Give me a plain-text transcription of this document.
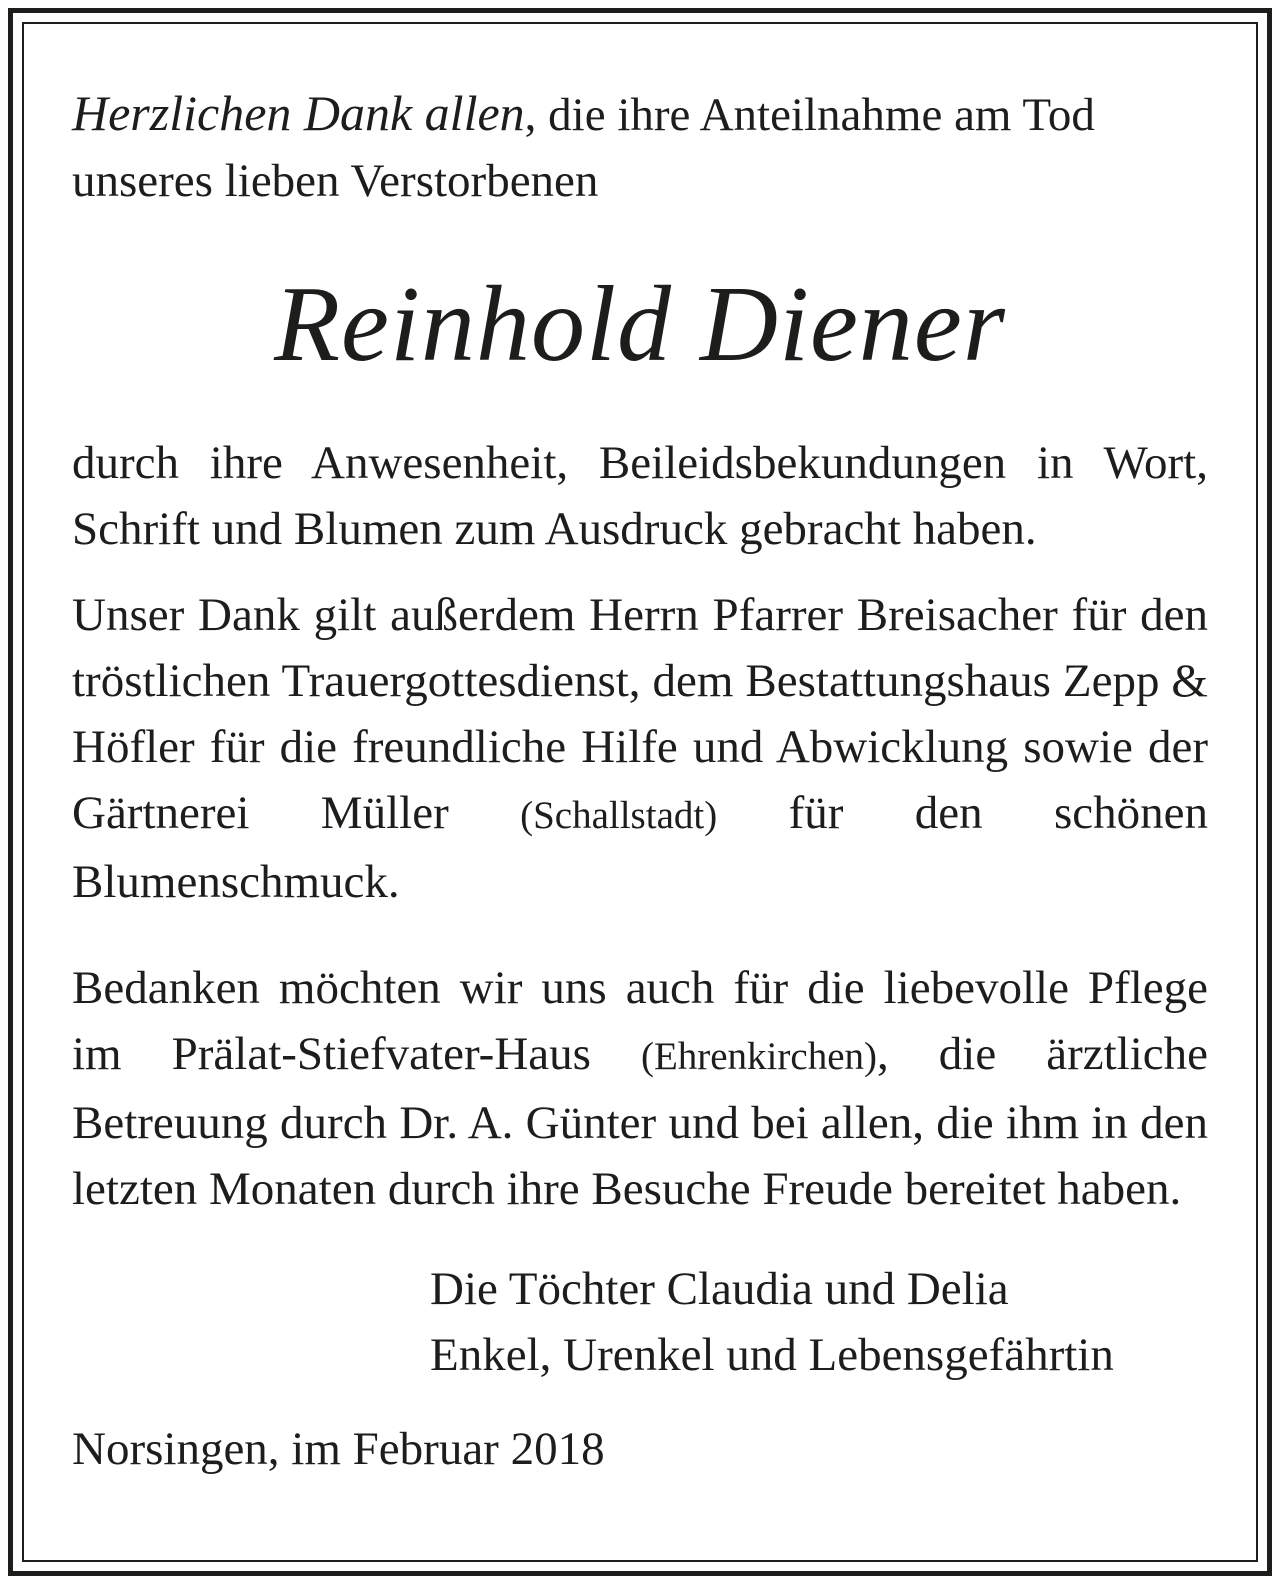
Herzlichen Dank allen, die ihre Anteilnahme am Tod unseres lieben Verstorbenen

Reinhold Diener

durch ihre Anwesenheit, Beileidsbekundungen in Wort, Schrift und Blumen zum Ausdruck gebracht haben.

Unser Dank gilt außerdem Herrn Pfarrer Breisacher für den tröstlichen Trauergottesdienst, dem Bestattungshaus Zepp & Höfler für die freundliche Hilfe und Abwicklung sowie der Gärtnerei Müller (Schallstadt) für den schönen Blumenschmuck.

Bedanken möchten wir uns auch für die liebevolle Pflege im Prälat-Stiefvater-Haus (Ehrenkirchen), die ärztliche Betreuung durch Dr. A. Günter und bei allen, die ihm in den letzten Monaten durch ihre Besuche Freude bereitet haben.

Die Töchter Claudia und Delia
Enkel, Urenkel und Lebensgefährtin

Norsingen, im Februar 2018
